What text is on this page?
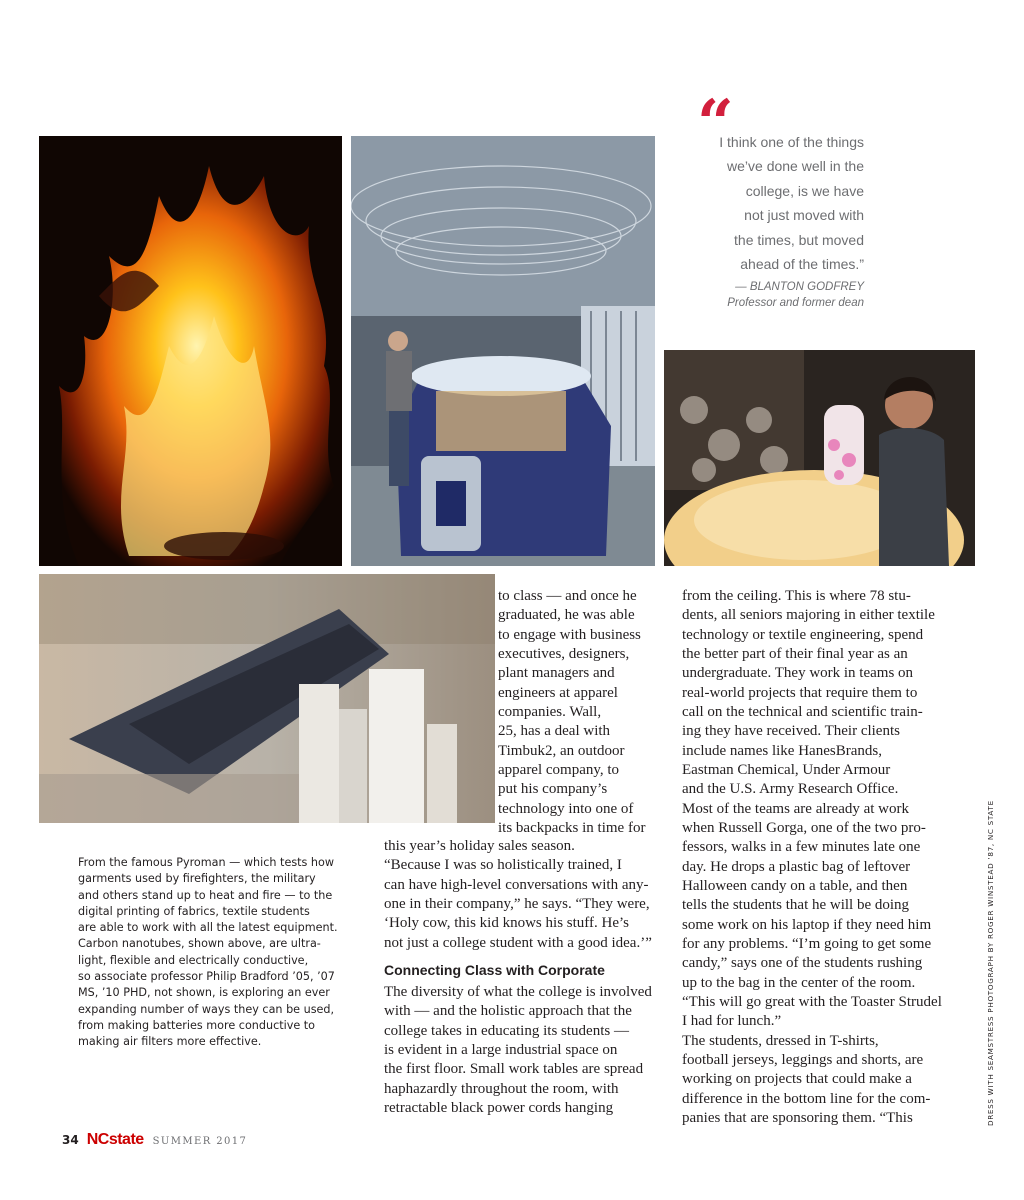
“
I think one of the things
we’ve done well in the
college, is we have
not just moved with
the times, but moved
ahead of the times.”
— BLANTON GODFREY
Professor and former dean

From the famous Pyroman — which tests how
garments used by firefighters, the military
and others stand up to heat and fire — to the
digital printing of fabrics, textile students
are able to work with all the latest equipment.
Carbon nanotubes, shown above, are ultra-
light, flexible and electrically conductive,
so associate professor Philip Bradford ’05, ’07
MS, ’10 PHD, not shown, is exploring an ever
expanding number of ways they can be used,
from making batteries more conductive to
making air filters more effective.

to class — and once he
graduated, he was able
to engage with business
executives, designers,
plant managers and
engineers at apparel
companies. Wall,
25, has a deal with
Timbuk2, an outdoor
apparel company, to
put his company’s
technology into one of
its backpacks in time for
this year’s holiday sales season.
“Because I was so holistically trained, I
can have high-level conversations with any-
one in their company,” he says. “They were,
‘Holy cow, this kid knows his stuff. He’s
not just a college student with a good idea.’”
Connecting Class with Corporate
The diversity of what the college is involved
with — and the holistic approach that the
college takes in educating its students —
is evident in a large industrial space on
the first floor. Small work tables are spread
haphazardly throughout the room, with
retractable black power cords hanging
from the ceiling. This is where 78 stu-
dents, all seniors majoring in either textile
technology or textile engineering, spend
the better part of their final year as an
undergraduate. They work in teams on
real-world projects that require them to
call on the technical and scientific train-
ing they have received. Their clients
include names like HanesBrands,
Eastman Chemical, Under Armour
and the U.S. Army Research Office.
Most of the teams are already at work
when Russell Gorga, one of the two pro-
fessors, walks in a few minutes late one
day. He drops a plastic bag of leftover
Halloween candy on a table, and then
tells the students that he will be doing
some work on his laptop if they need him
for any problems. “I’m going to get some
candy,” says one of the students rushing
up to the bag in the center of the room.
“This will go great with the Toaster Strudel
I had for lunch.”
The students, dressed in T-shirts,
football jerseys, leggings and shorts, are
working on projects that could make a
difference in the bottom line for the com-
panies that are sponsoring them. “This	DRESS WITH SEAMSTRESS PHOTOGRAPH BY ROGER WINSTEAD ’87, NC STATE
34 NCstate SUMMER 2017
